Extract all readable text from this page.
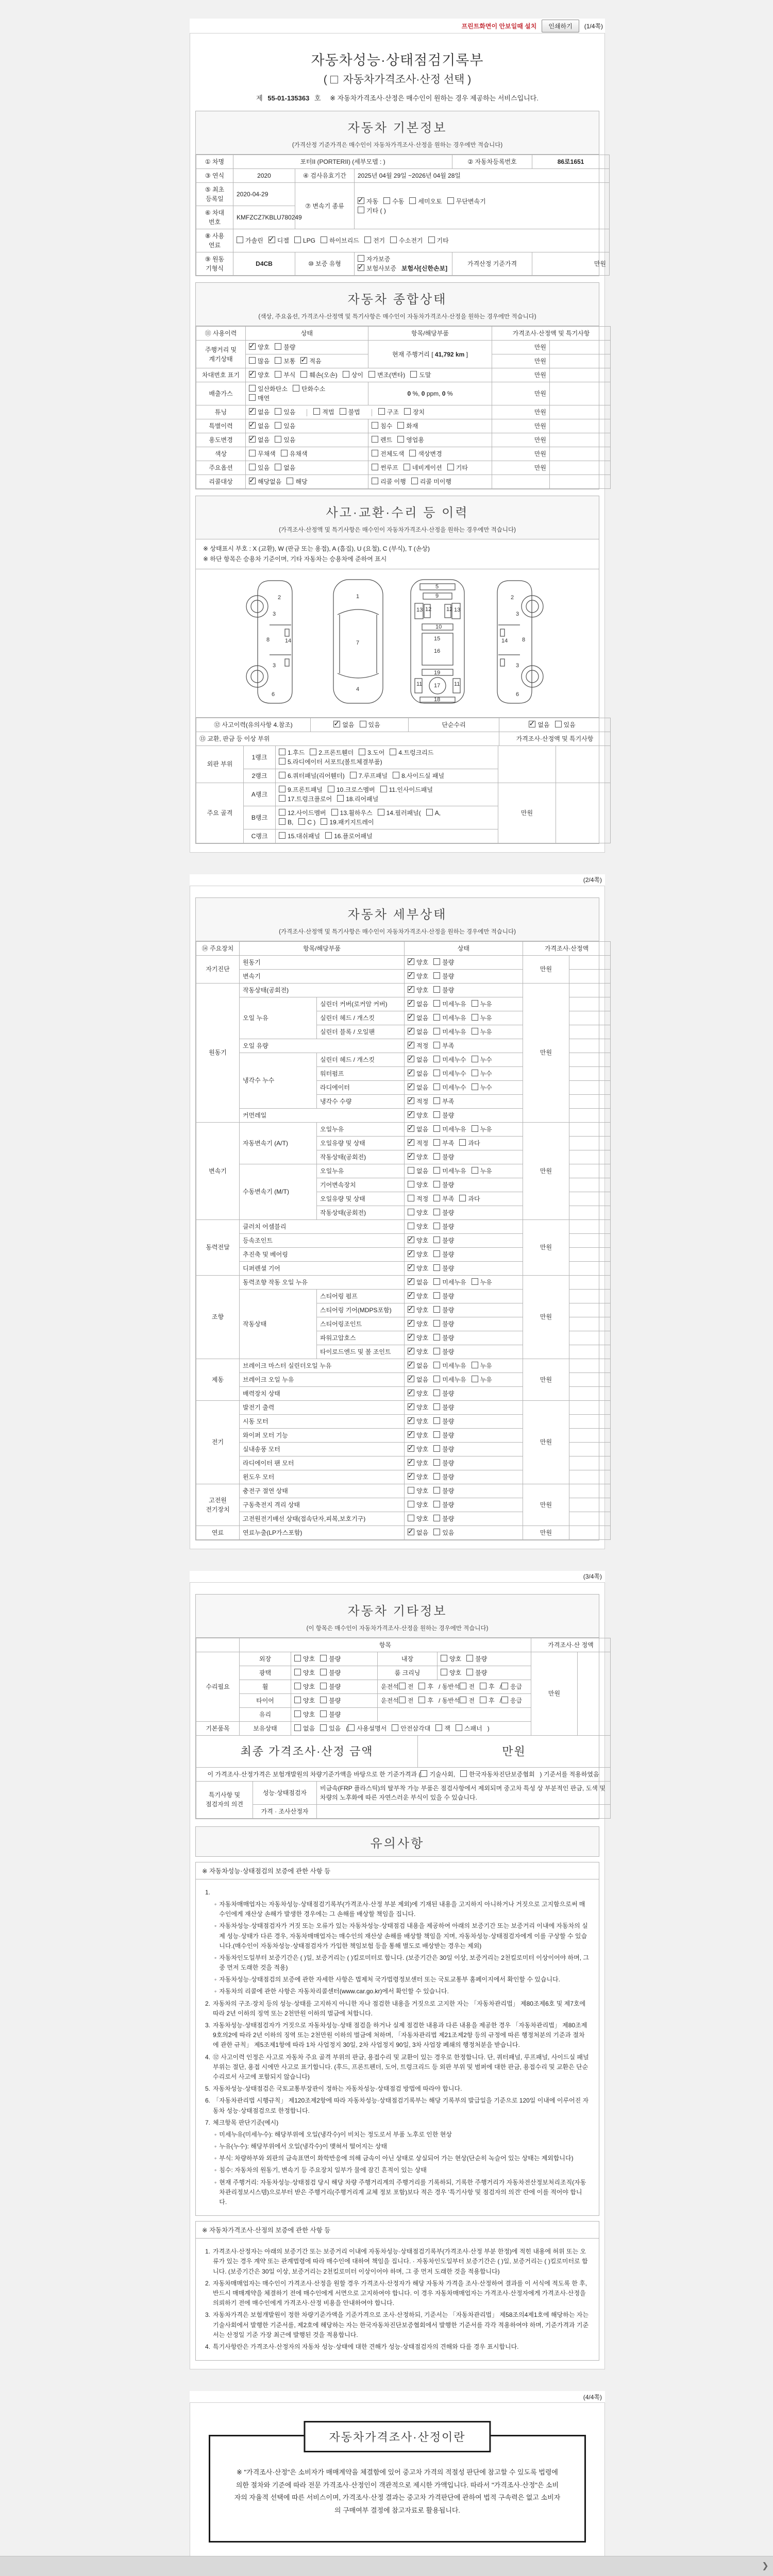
프린트화면이 안보일때 설치	인쇄하기	(1/4쪽)
자동차성능·상태점검기록부
( 자동차가격조사·산정 선택 )
제 55-01-135363 호 ※ 자동차가격조사·산정은 매수인이 원하는 경우 제공하는 서비스입니다.
자동차 기본정보
(가격산정 기준가격은 매수인이 자동차가격조사·산정을 원하는 경우에만 적습니다)
① 차명	포터II (PORTERII) (세부모델 : )			② 자동차등록번호	86로1651
③ 연식	2020	④ 검사유효기간	2025년 04월 29일 ~2026년 04월 28일		
⑤ 최초 등록일	2020-04-29	⑦ 변속기 종류	✓자동 수동 세미오토 무단변속기
기타 ( )
⑥ 차대 번호	KMFZCZ7KBLU780249				
⑧ 사용 연료	가솔린 ✓ 디젤 LPG 하이브리드 전기 수소전기 기타
⑨ 원동 기형식	D4CB	⑩ 보증 유형	자가보증✓보험사보증 보험사[신한손보]	가격산정 기준가격	만원
자동차 종합상태
(색상, 주요옵션, 가격조사·산정액 및 특기사항은 매수인이 자동차가격조사·산정을 원하는 경우에만 적습니다)
⑪ 사용이력	상태	항목/해당부품	가격조사·산정액 및 특기사항	
주행거리 및 계기상태	✓양호 불량	현재 주행거리 [ 41,792 km ]	만원	
	많음 보통 ✓ 적음		만원	
차대번호 표기	✓양호 부식 훼손(오손) 상이 변조(변타) 도말		만원	
배출가스	일산화탄소 탄화수소
매연	0 %, 0 ppm, 0 %	만원	
튜닝	✓없음 있음 적법 불법 구조 장치		만원	
특별이력	✓없음 있음	침수 화재	만원	
용도변경	✓없음 있음	렌트 영업용	만원	
색상	무채색 유채색	전체도색 색상변경	만원	
주요옵션	있음 없음	썬루프 네비게이션 기타	만원	
리콜대상	✓해당없음 해당	리콜 이행 리콜 미이행		
사고·교환·수리 등 이력
(가격조사·산정액 및 특기사항은 매수인이 자동차가격조사·산정을 원하는 경우에만 적습니다)
※ 상태표시 부호 : X (교환), W (판금 또는 용접), A (흠집), U (요철), C (부식), T (손상)
※ 하단 항목은 승용차 기준이며, 기타 자동차는 승용차에 준하여 표시
2
8
3
3
14
6
1
7
4
5
9
13	13
12	12
10
15
16
19
17
18
11	11
2
8
3
3
14
6
⑫ 사고이력(유의사항 4.참조)	✓없음 있음	단순수리	✓없음 있음
⑬ 교환, 판금 등 이상 부위			가격조사·산정액 및 특기사항
외판 부위	1랭크	1.후드 2.프론트휀더 3.도어 4.트렁크리드
5.라디에이터 서포트(볼트체결부품)		
	2랭크	6.쿼터패널(리어휀더) 7.루프패널 8.사이드실 패널		
주요 골격	A랭크	9.프론트패널 10.크로스멤버 11.인사이드패널
17.트렁크플로어 18.리어패널	만원	
	B랭크	12.사이드멤버 13.휠하우스 14.필러패널( A,
B, C ) 19.패키지트레이		
	C랭크	15.대쉬패널 16.플로어패널		
(2/4쪽)
자동차 세부상태
(가격조사·산정액 및 특기사항은 매수인이 자동차가격조사·산정을 원하는 경우에만 적습니다)
⑭ 주요장치	항목/해당부품		상태	가격조사·산정액	
자기진단	원동기	✓양호 불량	만원	
	변속기	✓양호 불량	
원동기	작동상태(공회전)	✓양호 불량	만원	
	오일 누유	실린더 커버(로커암 커버)	✓없음 미세누유 누유	
		실린더 헤드 / 개스킷	✓없음 미세누유 누유	
		실린더 블록 / 오일팬	✓없음 미세누유 누유	
	오일 유량	✓적정 부족	
	냉각수 누수	실린더 헤드 / 개스킷	✓없음 미세누수 누수	
		워터펌프	✓없음 미세누수 누수	
		라디에이터	✓없음 미세누수 누수	
		냉각수 수량	✓적정 부족	
	커먼레일	✓양호 불량	
변속기	자동변속기 (A/T)	오일누유	✓없음 미세누유 누유	만원	
		오일유량 및 상태	✓적정 부족 과다	
		작동상태(공회전)	✓양호 불량	
	수동변속기 (M/T)	오일누유	없음 미세누유 누유		
		기어변속장치	양호 불량		
		오일유량 및 상태	적정 부족 과다		
		작동상태(공회전)	양호 불량		
동력전달	클러치 어셈블리		양호 불량	만원	
	등속조인트	✓양호 불량	
	추진축 및 베어링	✓양호 불량	
	디퍼렌셜 기어	✓양호 불량	
조향	동력조향 작동 오일 누유	✓없음 미세누유 누유	만원	
	작동상태	스티어링 펌프	✓양호 불량	
		스티어링 기어(MDPS포함)	✓양호 불량	
		스티어링조인트	✓양호 불량	
		파워고압호스	✓양호 불량	
		타이로드엔드 및 볼 조인트	✓양호 불량	
제동	브레이크 마스터 실린더오일 누유	✓없음 미세누유 누유	만원	
	브레이크 오일 누유	✓없음 미세누유 누유	
	배력장치 상태	✓양호 불량	
전기	발전기 출력	✓양호 불량	만원	
	시동 모터	✓양호 불량	
	와이퍼 모터 기능	✓양호 불량	
	실내송풍 모터	✓양호 불량	
	라디에이터 팬 모터	✓양호 불량	
	윈도우 모터	✓양호 불량	
고전원 전기장치	충전구 절연 상태		양호 불량	만원	
	구동축전지 격리 상태		양호 불량		
	고전원전기배선 상태(접속단자,피복,보호기구)		양호 불량		
연료	연료누출(LP가스포함)	✓없음 있음	만원	
(3/4쪽)
자동차 기타정보
(이 항목은 매수인이 자동차가격조사·산정을 원하는 경우에만 적습니다)
	항목				가격조사·산 정액	
수리필요	외장	양호 불량	내장	양호 불량	만원	
	광택	양호 불량	룸 크리닝	양호 불량		
	휠	양호 불량	운전석 전 후 / 동반석 전 후 / 응급			
	타이어	양호 불량	운전석 전 후 / 동반석 전 후 / 응급			
	유리	양호 불량				
기본품목	보유상태	없음 있음 ( 사용설명서 안전삼각대 잭 스패너 )				
최종 가격조사·산정 금액	만원
이 가격조사·산정가격은 보험개발원의 차량기준가액을 바탕으로 한 기준가격과 ( 기술사회, 한국자동차진단보증협회 ) 기준서를 적용하였음
특기사항 및 점검자의 의견	성능·상태점검자	비금속(FRP 플라스틱)의 탈부착 가능 부품은 점검사항에서 제외되며 중고차 특성 상 부분적인 판금, 도색 및 차량의 노후화에 따른 자연스러운 부식이 있을 수 있습니다.
	가격 · 조사산정자	
유의사항
※ 자동차성능·상태점검의 보증에 관한 사항 등
1.
◦ 자동차매매업자는 자동차성능·상태점검기록부(가격조사·산정 부분 제외)에 기재된 내용을 고지하지 아니하거나 거짓으로 고지함으로써 매수인에게 재산상 손해가 발생한 경우에는 그 손해를 배상할 책임을 집니다.
◦ 자동차성능·상태점검자가 거짓 또는 오류가 있는 자동차성능·상태점검 내용을 제공하여 아래의 보증기간 또는 보증거리 이내에 자동차의 실제 성능·상태가 다른 경우, 자동차매매업자는 매수인의 재산상 손해를 배상할 책임을 지며, 자동차성능·상태점검자에게 이를 구상할 수 있습니다.(매수인이 자동차성능·상태점검자가 가입한 책임보험 등을 통해 별도로 배상받는 경우는 제외)
◦ 자동차인도일부터 보증기간은 ( )일, 보증거리는 ( )킬로미터로 합니다. (보증기간은 30일 이상, 보증거리는 2천킬로미터 이상이어야 하며, 그 중 먼저 도래한 것을 적용)
◦ 자동차성능·상태점검의 보증에 관한 자세한 사항은 법제처 국가법령정보센터 또는 국토교통부 홈페이지에서 확인할 수 있습니다.
◦ 자동차의 리콜에 관한 사항은 자동차리콜센터(www.car.go.kr)에서 확인할 수 있습니다.
2. 자동차의 구조·장치 등의 성능·상태를 고지하지 아니한 자나 점검한 내용을 거짓으로 고지한 자는 「자동차관리법」 제80조제6호 및 제7호에 따라 2년 이하의 징역 또는 2천만원 이하의 벌금에 처합니다.
3. 자동차성능·상태점검자가 거짓으로 자동차성능·상태 점검을 하거나 실제 점검한 내용과 다른 내용을 제공한 경우 「자동차관리법」 제80조제9호의2에 따라 2년 이하의 징역 또는 2천만원 이하의 벌금에 처하며, 「자동차관리법 제21조제2항 등의 규정에 따른 행정처분의 기준과 절차에 관한 규칙」 제5조제1항에 따라 1차 사업정지 30일, 2차 사업정지 90일, 3차 사업장 폐쇄의 행정처분을 받습니다.
4. ⑫ 사고이력 인정은 사고로 자동차 주요 골격 부위의 판금, 용접수리 및 교환이 있는 경우로 한정합니다. 단, 쿼터패널, 루프패널, 사이드실 패널 부위는 절단, 용접 시에만 사고로 표기합니다. (후드, 프론트펜더, 도어, 트렁크리드 등 외판 부위 및 범퍼에 대한 판금, 용접수리 및 교환은 단순수리로서 사고에 포함되지 않습니다)
5. 자동차성능·상태점검은 국토교통부장관이 정하는 자동차성능·상태점검 방법에 따라야 합니다.
6. 「자동차관리법 시행규칙」 제120조제2항에 따라 자동차성능·상태점검기록부는 해당 기록부의 발급일을 기준으로 120일 이내에 이루어진 자동차 성능·상태점검으로 한정합니다.
7. 체크항목 판단기준(예시)
◦ 미세누유(미세누수): 해당부위에 오일(냉각수)이 비치는 정도로서 부품 노후로 인한 현상
◦ 누유(누수): 해당부위에서 오일(냉각수)이 맺혀서 떨어지는 상태
◦ 부식: 차량하부와 외판의 금속표면이 화학반응에 의해 금속이 아닌 상태로 상실되어 가는 현상(단순히 녹슬어 있는 상태는 제외합니다)
◦ 침수: 자동차의 원동기, 변속기 등 주요장치 일부가 물에 잠긴 흔적이 있는 상태
◦ 현재 주행거리: 자동차성능·상태점검 당시 해당 차량 주행거리계의 주행거리를 기록하되, 기록한 주행거리가 자동차전산정보처리조직(자동차관리정보시스템)으로부터 받은 주행거리(주행거리계 교체 정보 포함)보다 적은 경우 '특기사항 및 점검자의 의견' 란에 이를 적어야 합니다.
※ 자동차가격조사·산정의 보증에 관한 사항 등
1. 가격조사·산정자는 아래의 보증기간 또는 보증거리 이내에 자동차성능·상태점검기록부(가격조사·산정 부분 한정)에 적힌 내용에 허위 또는 오류가 있는 경우 계약 또는 관계법령에 따라 매수인에 대하여 책임을 집니다. · 자동차인도일부터 보증기간은 ( )일, 보증거리는 ( )킬로미터로 합니다. (보증기간은 30일 이상, 보증거리는 2천킬로미터 이상이어야 하며, 그 중 먼저 도래한 것을 적용합니다)
2. 자동차매매업자는 매수인이 가격조사·산정을 원할 경우 가격조사·산정자가 해당 자동차 가격을 조사·산정하여 결과를 이 서식에 적도록 한 후, 반드시 매매계약을 체결하기 전에 매수인에게 서면으로 고지하여야 합니다. 이 경우 자동차매매업자는 가격조사·산정자에게 가격조사·산정을 의뢰하기 전에 매수인에게 가격조사·산정 비용을 안내하여야 합니다.
3. 자동차가격은 보험개발원이 정한 차량기준가액을 기준가격으로 조사·산정하되, 기준서는 「자동차관리법」 제58조의4제1호에 해당하는 자는 기술사회에서 발행한 기준서를, 제2호에 해당하는 자는 한국자동차진단보증협회에서 발행한 기준서를 각각 적용하여야 하며, 기준가격과 기준서는 산정일 기준 가장 최근에 발행된 것을 적용합니다.
4. 특기사항란은 가격조사·산정자의 자동차 성능·상태에 대한 견해가 성능·상태점검자의 견해와 다를 경우 표시합니다.
(4/4쪽)
자동차가격조사·산정이란
※ "가격조사·산정"은 소비자가 매매계약을 체결함에 있어 중고차 가격의 적절성 판단에 참고할 수 있도록 법령에 의한 절차와 기준에 따라 전문 가격조사·산정인이 객관적으로 제시한 가액입니다. 따라서 "가격조사·산정"은 소비자의 자율적 선택에 따른 서비스이며, 가격조사·산정 결과는 중고차 가격판단에 관하여 법적 구속력은 없고 소비자의 구매여부 결정에 참고자료로 활용됩니다.

❯
